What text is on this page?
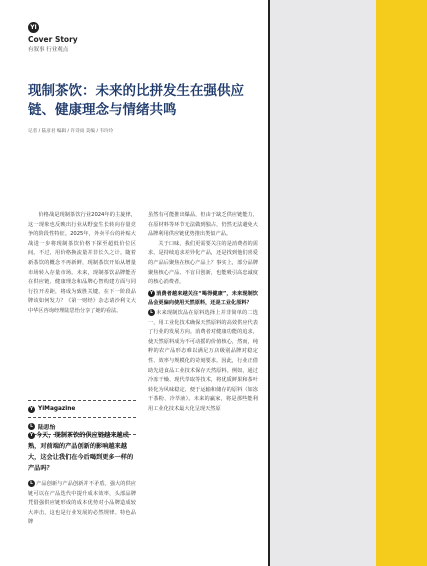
YI
Cover Story
有叙事 行业观点
现制茶饮：未来的比拼发生在强供应链、健康理念与情绪共鸣
记者 / 陆彦君 编辑 / 许诗雨 美编 / 韦玲玲

价格战是现制茶饮行业2024年的主旋律，这一现象也反映出行业从野蛮生长转向存量竞争的阶段性特征。2025年，外卖平台的补贴大战进一步将现制茶饮价格下探至超低价位区间。不过，用价格换流量并非长久之计。随着新茶饮的概念不再新鲜，现制茶饮开始从增量市场转入存量市场。未来，现制茶饮品牌能否在供应链、健康理念和品牌心智构建方面与同行拉开差距，将成为致胜关键。在下一阶段品牌该如何发力？《第一财经》杂志请沙利文大中华区咨询经理陆思怡分享了她的看法。

Y YiMagazine
L 陆思怡
Y 今天，现制茶饮的供应链越来越成熟，对前端的产品创新的影响越来越大，这会让我们在今后喝到更多一样的产品吗？
L 产品创新与产品创新并不矛盾。强大的供应链可以在产品迭代中提升成本效率，头部品牌凭借强供应链形成的成本优势对小品牌造成较大冲击，这也是行业发展的必然规律。特色品牌

虽然有可能推出爆品，但由于缺乏供应链能力，在原材料等环节无法做到独占，仍然无法避免大品牌利用供应链优势推出类似产品。

关于口味，我们更需要关注的是消费者的需求，是持续追求差异化产品，还是找到他们喜爱的产品后聚焦在核心产品上？事实上，部分品牌聚焦核心产品、不盲目创新，也能吸引高忠诚度的核心消费者。

Y 消费者越来越关注“喝得健康”，未来现制饮品会更偏向使用天然原料，还是工业化原料？

L 未来现制饮品在原料选择上并非简单的二选一，用工业化技术确保天然原料的高效供应代表了行业的发展方向。消费者对健康功能的追求，使天然原料成为不可动摇的价值核心，然而，纯粹的农产品形态难以满足万店级别品牌对稳定性、效率与规模化的苛刻要求。因此，行业正借助先进食品工业技术保存天然原料。例如，通过冷冻干燥、现代萃取等技术，将优质鲜果和茶叶转化为风味稳定、便于运输和储存的原料（如冻干茶粉、冷萃液）。未来的赢家，将是那些能利用工业化技术最大化呈现天然原
